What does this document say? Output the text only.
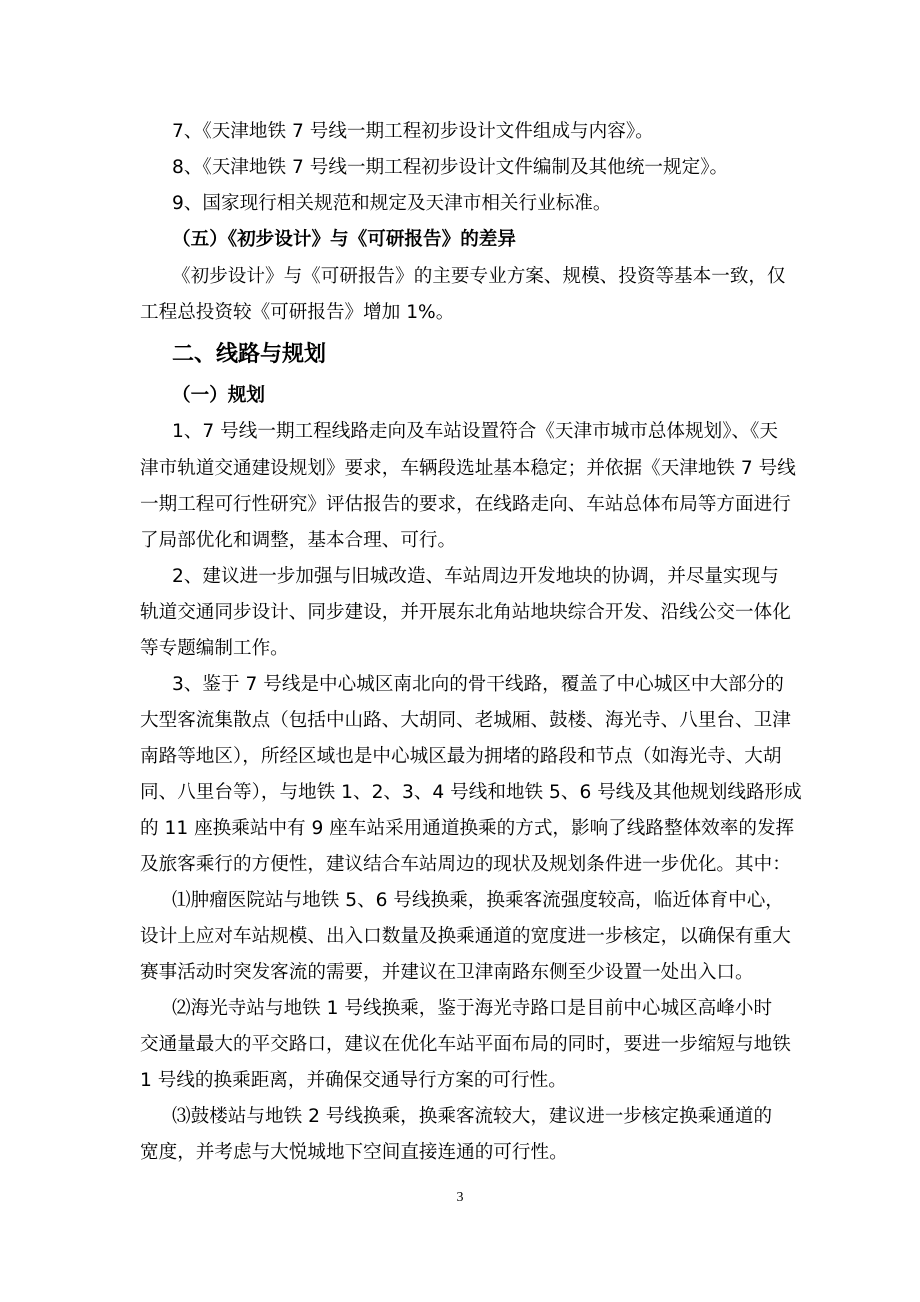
7、《天津地铁 7 号线一期工程初步设计文件组成与内容》。
8、《天津地铁 7 号线一期工程初步设计文件编制及其他统一规定》。
9、国家现行相关规范和规定及天津市相关行业标准。
（五）《初步设计》与《可研报告》的差异
《初步设计》与《可研报告》的主要专业方案、规模、投资等基本一致，仅
工程总投资较《可研报告》增加 1%。
二、线路与规划
（一）规划
1、7 号线一期工程线路走向及车站设置符合《天津市城市总体规划》、《天
津市轨道交通建设规划》要求，车辆段选址基本稳定；并依据《天津地铁 7 号线
一期工程可行性研究》评估报告的要求，在线路走向、车站总体布局等方面进行
了局部优化和调整，基本合理、可行。
2、建议进一步加强与旧城改造、车站周边开发地块的协调，并尽量实现与
轨道交通同步设计、同步建设，并开展东北角站地块综合开发、沿线公交一体化
等专题编制工作。
3、鉴于 7 号线是中心城区南北向的骨干线路，覆盖了中心城区中大部分的
大型客流集散点（包括中山路、大胡同、老城厢、鼓楼、海光寺、八里台、卫津
南路等地区），所经区域也是中心城区最为拥堵的路段和节点（如海光寺、大胡
同、八里台等），与地铁 1、2、3、4 号线和地铁 5、6 号线及其他规划线路形成
的 11 座换乘站中有 9 座车站采用通道换乘的方式，影响了线路整体效率的发挥
及旅客乘行的方便性，建议结合车站周边的现状及规划条件进一步优化。其中：
⑴肿瘤医院站与地铁 5、6 号线换乘，换乘客流强度较高，临近体育中心，
设计上应对车站规模、出入口数量及换乘通道的宽度进一步核定，以确保有重大
赛事活动时突发客流的需要，并建议在卫津南路东侧至少设置一处出入口。
⑵海光寺站与地铁 1 号线换乘，鉴于海光寺路口是目前中心城区高峰小时
交通量最大的平交路口，建议在优化车站平面布局的同时，要进一步缩短与地铁
1 号线的换乘距离，并确保交通导行方案的可行性。
⑶鼓楼站与地铁 2 号线换乘，换乘客流较大，建议进一步核定换乘通道的
宽度，并考虑与大悦城地下空间直接连通的可行性。
3
